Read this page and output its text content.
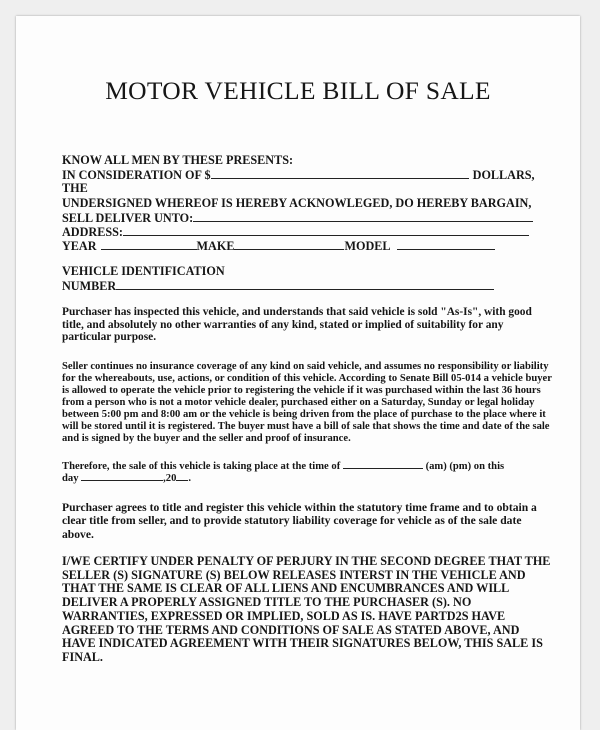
MOTOR VEHICLE BILL OF SALE
KNOW ALL MEN BY THESE PRESENTS:
IN CONSIDERATION OF $	DOLLARS,
THE
UNDERSIGNED WHEREOF IS HEREBY ACKNOWLEGED, DO HEREBY BARGAIN,
SELL DELIVER UNTO:
ADDRESS:
YEAR	MAKE	MODEL
VEHICLE IDENTIFICATION
NUMBER

Purchaser has inspected this vehicle, and understands that said vehicle is sold "As-Is", with good title, and absolutely no other warranties of any kind, stated or implied of suitability for any particular purpose.

Seller continues no insurance coverage of any kind on said vehicle, and assumes no responsibility or liability for the whereabouts, use, actions, or condition of this vehicle. According to Senate Bill 05-014 a vehicle buyer is allowed to operate the vehicle prior to registering the vehicle if it was purchased within the last 36 hours from a person who is not a motor vehicle dealer, purchased either on a Saturday, Sunday or legal holiday between 5:00 pm and 8:00 am or the vehicle is being driven from the place of purchase to the place where it will be stored until it is registered. The buyer must have a bill of sale that shows the time and date of the sale and is signed by the buyer and the seller and proof of insurance.

Therefore, the sale of this vehicle is taking place at the time of	(am) (pm) on this
day	,20 .

Purchaser agrees to title and register this vehicle within the statutory time frame and to obtain a clear title from seller, and to provide statutory liability coverage for vehicle as of the sale date above.

I/WE CERTIFY UNDER PENALTY OF PERJURY IN THE SECOND DEGREE THAT THE SELLER (S) SIGNATURE (S) BELOW RELEASES INTERST IN THE VEHICLE AND THAT THE SAME IS CLEAR OF ALL LIENS AND ENCUMBRANCES AND WILL DELIVER A PROPERLY ASSIGNED TITLE TO THE PURCHASER (S). NO WARRANTIES, EXPRESSED OR IMPLIED, SOLD AS IS. HAVE PARTD2S HAVE AGREED TO THE TERMS AND CONDITIONS OF SALE AS STATED ABOVE, AND HAVE INDICATED AGREEMENT WITH THEIR SIGNATURES BELOW, THIS SALE IS FINAL.
